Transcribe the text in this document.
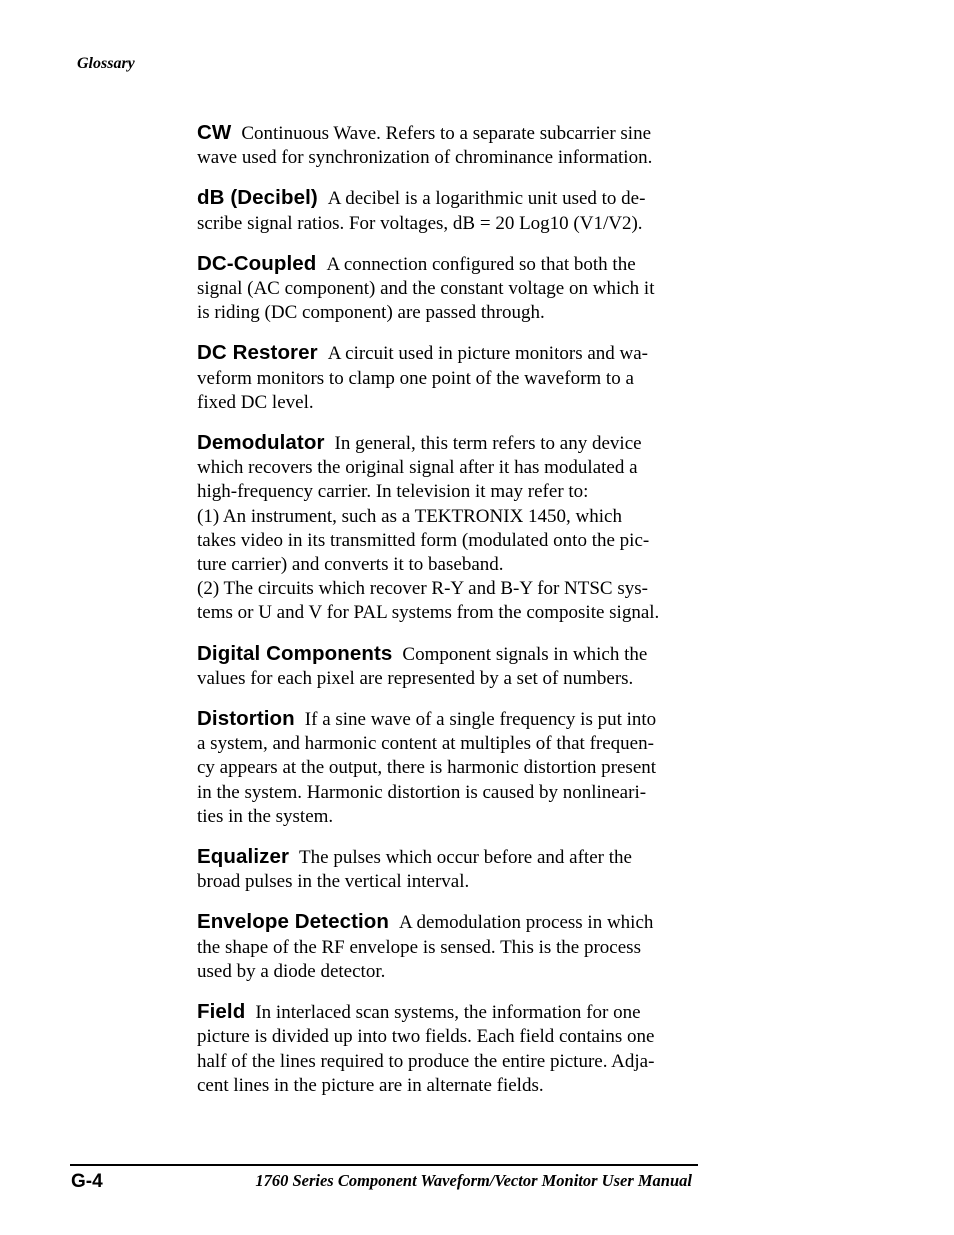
Glossary
CW Continuous Wave. Refers to a separate subcarrier sine
wave used for synchronization of chrominance information.
dB (Decibel) A decibel is a logarithmic unit used to de-
scribe signal ratios. For voltages, dB = 20 Log10 (V1/V2).
DC-Coupled A connection configured so that both the
signal (AC component) and the constant voltage on which it
is riding (DC component) are passed through.
DC Restorer A circuit used in picture monitors and wa-
veform monitors to clamp one point of the waveform to a
fixed DC level.
Demodulator In general, this term refers to any device
which recovers the original signal after it has modulated a
high-frequency carrier. In television it may refer to:
(1) An instrument, such as a TEKTRONIX 1450, which
takes video in its transmitted form (modulated onto the pic-
ture carrier) and converts it to baseband.
(2) The circuits which recover R-Y and B-Y for NTSC sys-
tems or U and V for PAL systems from the composite signal.
Digital Components Component signals in which the
values for each pixel are represented by a set of numbers.
Distortion If a sine wave of a single frequency is put into
a system, and harmonic content at multiples of that frequen-
cy appears at the output, there is harmonic distortion present
in the system. Harmonic distortion is caused by nonlineari-
ties in the system.
Equalizer The pulses which occur before and after the
broad pulses in the vertical interval.
Envelope Detection A demodulation process in which
the shape of the RF envelope is sensed. This is the process
used by a diode detector.
Field In interlaced scan systems, the information for one
picture is divided up into two fields. Each field contains one
half of the lines required to produce the entire picture. Adja-
cent lines in the picture are in alternate fields.
G-4	1760 Series Component Waveform/Vector Monitor User Manual
